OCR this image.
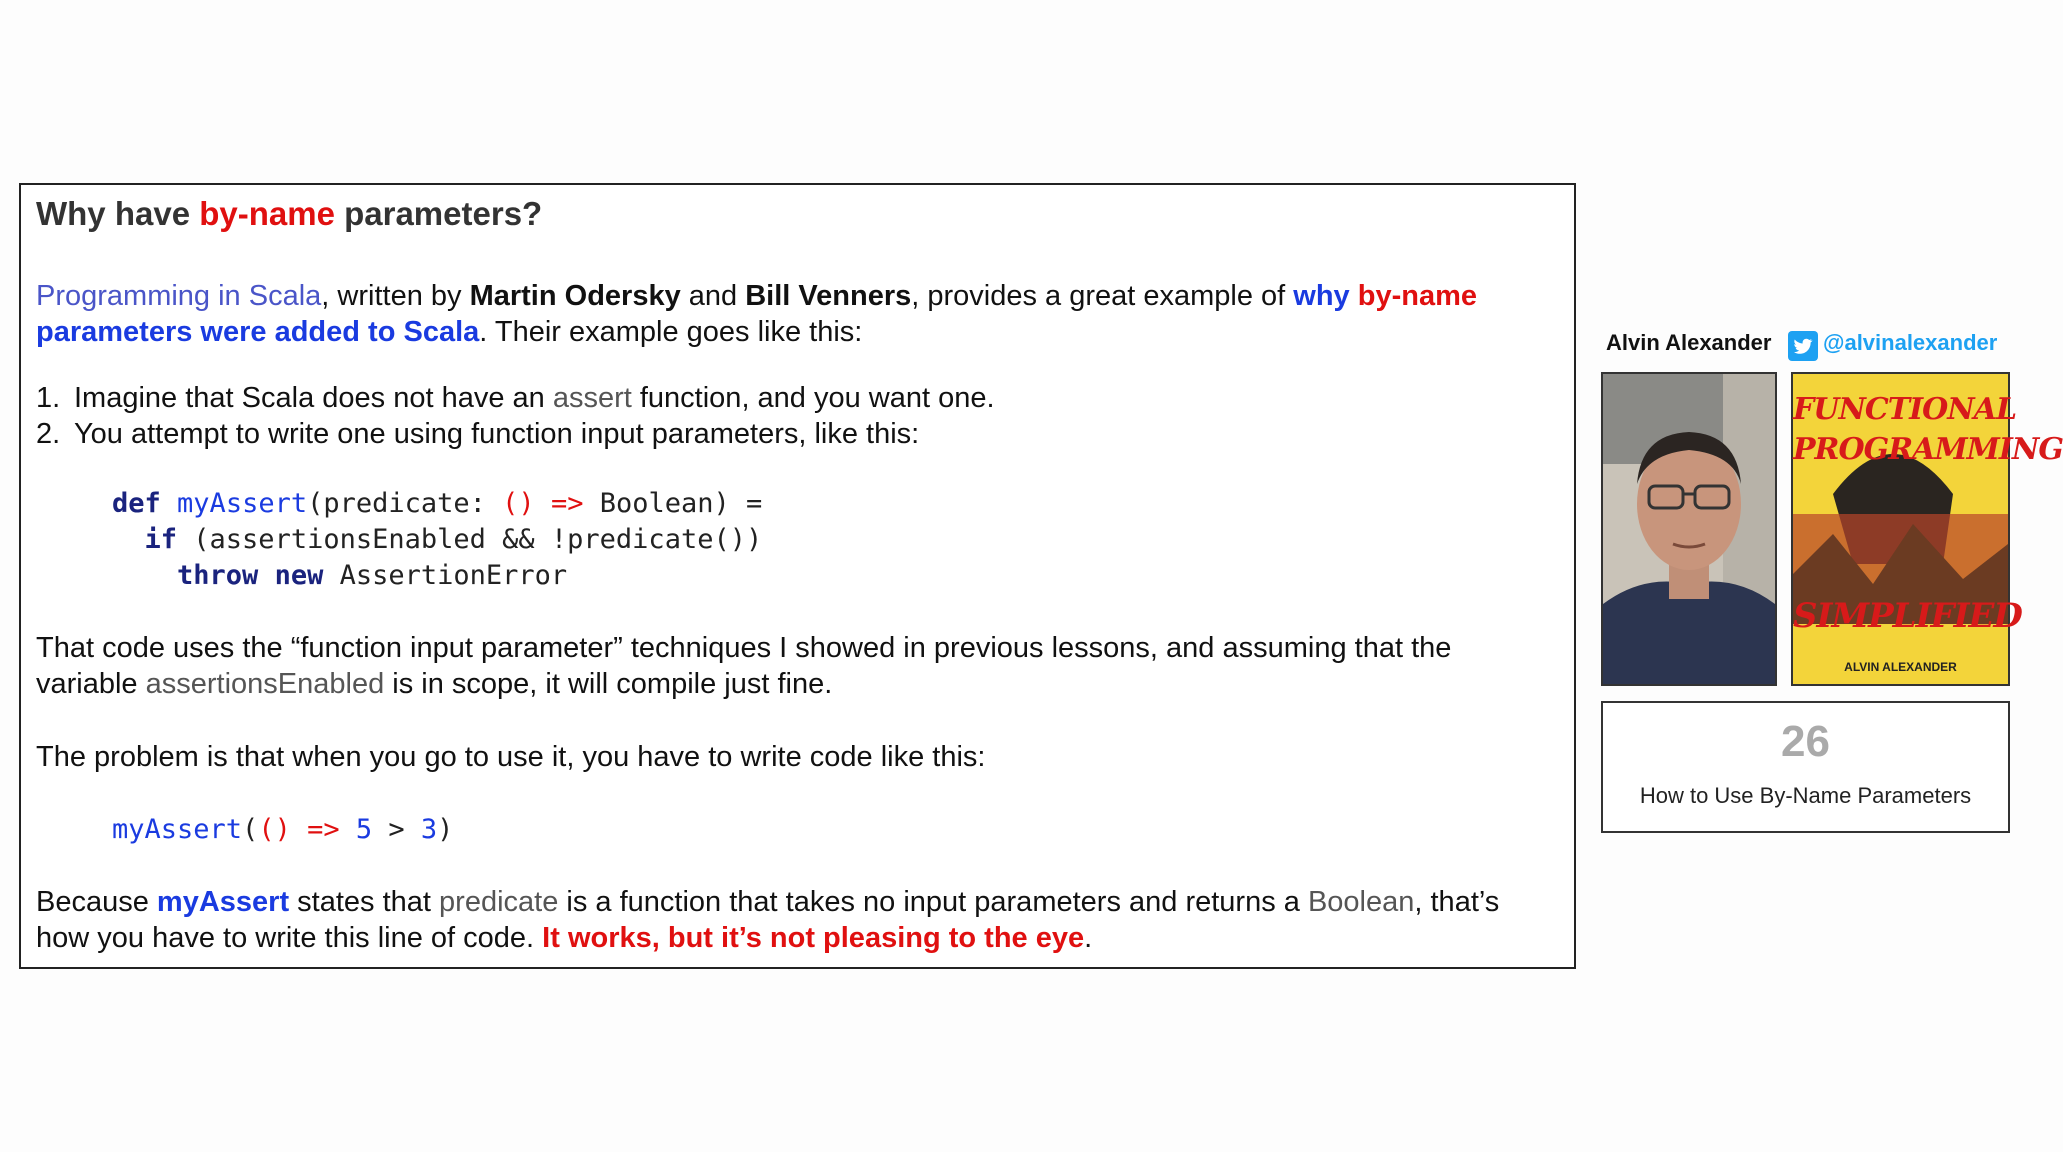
Why have by-name parameters?

Programming in Scala, written by Martin Odersky and Bill Venners, provides a great example of why by-name
parameters were added to Scala. Their example goes like this:

1. Imagine that Scala does not have an assert function, and you want one.
2. You attempt to write one using function input parameters, like this:
def myAssert(predicate: () => Boolean) =
if (assertionsEnabled && !predicate())
throw new AssertionError

That code uses the “function input parameter” techniques I showed in previous lessons, and assuming that the
variable assertionsEnabled is in scope, it will compile just fine.

The problem is that when you go to use it, you have to write code like this:

myAssert(() => 5 > 3)

Because myAssert states that predicate is a function that takes no input parameters and returns a Boolean, that’s
how you have to write this line of code. It works, but it’s not pleasing to the eye.

Alvin Alexander @alvinalexander
FUNCTIONAL
PROGRAMMING
SIMPLIFIED
ALVIN ALEXANDER
26
How to Use By-Name Parameters
